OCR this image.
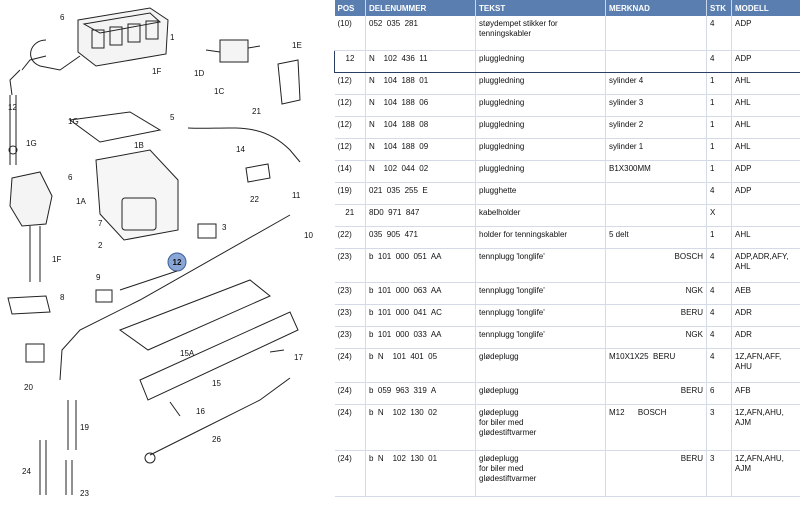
6
1
1F
1E
1D
1C
1G	5
1G	1B
21
14
6
1A
1F
11
3
22
10
2
7
9
8
15A	17
20	15
19
16
26
24
23
12
12
POS	DELENUMMER	TEKST	MERKNAD	STK	MODELL
(10)	052  035  281	støydempet stikker for
tenningskabler		4	ADP
12	N    102  436  11	pluggledning		4	ADP
(12)	N    104  188  01	pluggledning	sylinder 4	1	AHL
(12)	N    104  188  06	pluggledning	sylinder 3	1	AHL
(12)	N    104  188  08	pluggledning	sylinder 2	1	AHL
(12)	N    104  188  09	pluggledning	sylinder 1	1	AHL
(14)	N    102  044  02	pluggledning	B1X300MM	1	ADP
(19)	021  035  255  E	plugghette		4	ADP
21	8D0  971  847	kabelholder		X	
(22)	035  905  471	holder for tenningskabler	5 delt	1	AHL
(23)	b  101  000  051  AA	tennplugg 'longlife'	BOSCH	4	ADP,ADR,AFY,
AHL
(23)	b  101  000  063  AA	tennplugg 'longlife'	NGK	4	AEB
(23)	b  101  000  041  AC	tennplugg 'longlife'	BERU	4	ADR
(23)	b  101  000  033  AA	tennplugg 'longlife'	NGK	4	ADR
(24)	b  N    101  401  05	glødeplugg	M10X1X25  BERU	4	1Z,AFN,AFF,
AHU
(24)	b  059  963  319  A	glødeplugg	BERU	6	AFB
(24)	b  N    102  130  02	glødeplugg
for biler med
glødestiftvarmer	M12      BOSCH	3	1Z,AFN,AHU,
AJM
(24)	b  N    102  130  01	glødeplugg
for biler med
glødestiftvarmer	BERU	3	1Z,AFN,AHU,
AJM
